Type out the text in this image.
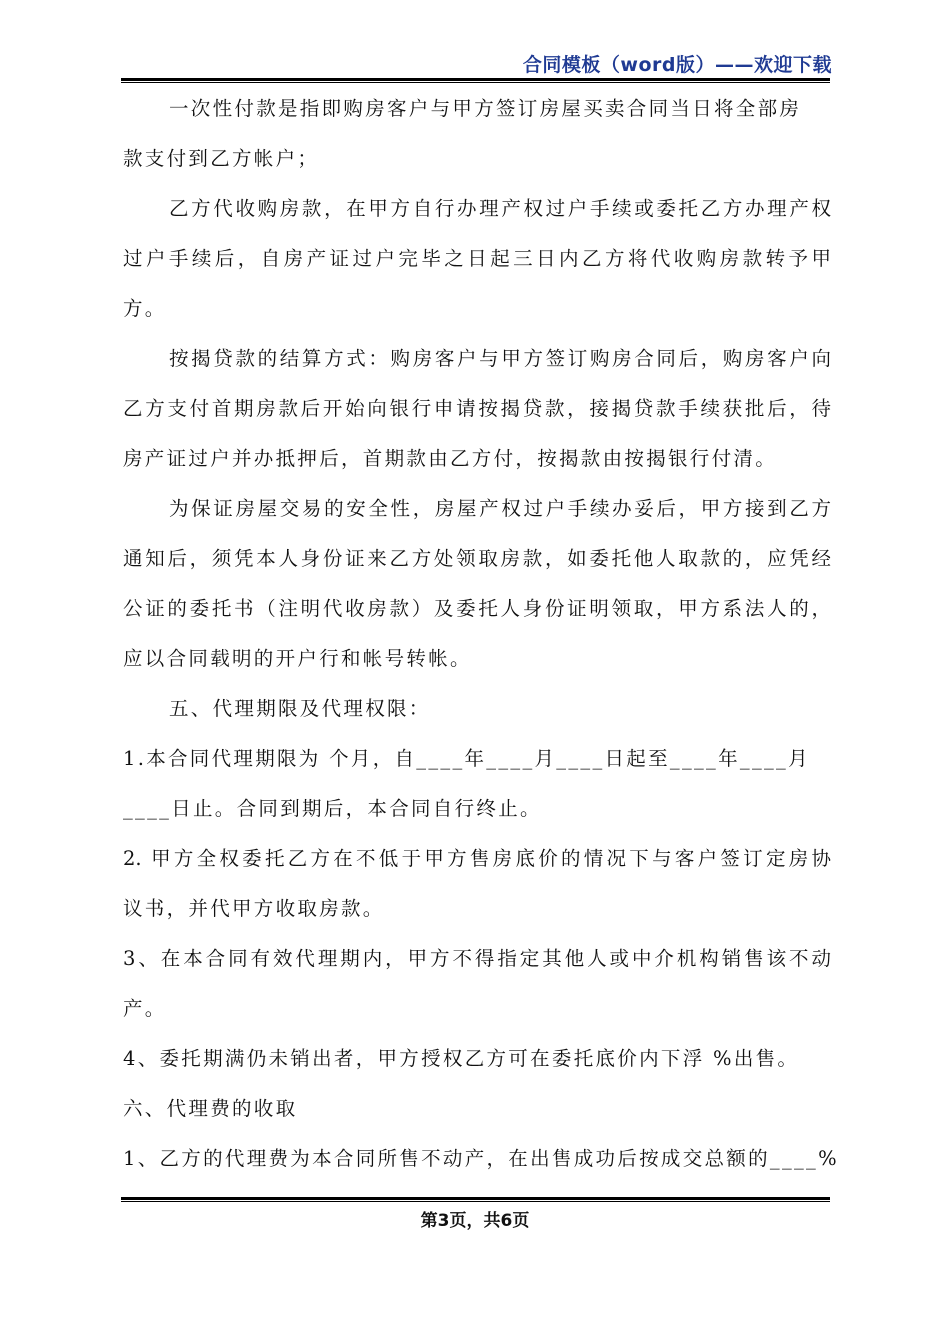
合同模板（word版）——欢迎下载
一次性付款是指即购房客户与甲方签订房屋买卖合同当日将全部房
款支付到乙方帐户；
乙方代收购房款，在甲方自行办理产权过户手续或委托乙方办理产权
过户手续后，自房产证过户完毕之日起三日内乙方将代收购房款转予甲
方。
按揭贷款的结算方式：购房客户与甲方签订购房合同后，购房客户向
乙方支付首期房款后开始向银行申请按揭贷款，接揭贷款手续获批后，待
房产证过户并办抵押后，首期款由乙方付，按揭款由按揭银行付清。
为保证房屋交易的安全性，房屋产权过户手续办妥后，甲方接到乙方
通知后，须凭本人身份证来乙方处领取房款，如委托他人取款的，应凭经
公证的委托书（注明代收房款）及委托人身份证明领取，甲方系法人的，
应以合同载明的开户行和帐号转帐。
五、代理期限及代理权限：
1.本合同代理期限为 个月，自____年____月____日起至____年____月
____日止。合同到期后，本合同自行终止。
2. 甲方全权委托乙方在不低于甲方售房底价的情况下与客户签订定房协
议书，并代甲方收取房款。
3、在本合同有效代理期内，甲方不得指定其他人或中介机构销售该不动
产。
4、委托期满仍未销出者，甲方授权乙方可在委托底价内下浮 %出售。
六、代理费的收取
1、乙方的代理费为本合同所售不动产，在出售成功后按成交总额的____%
第3页，共6页
